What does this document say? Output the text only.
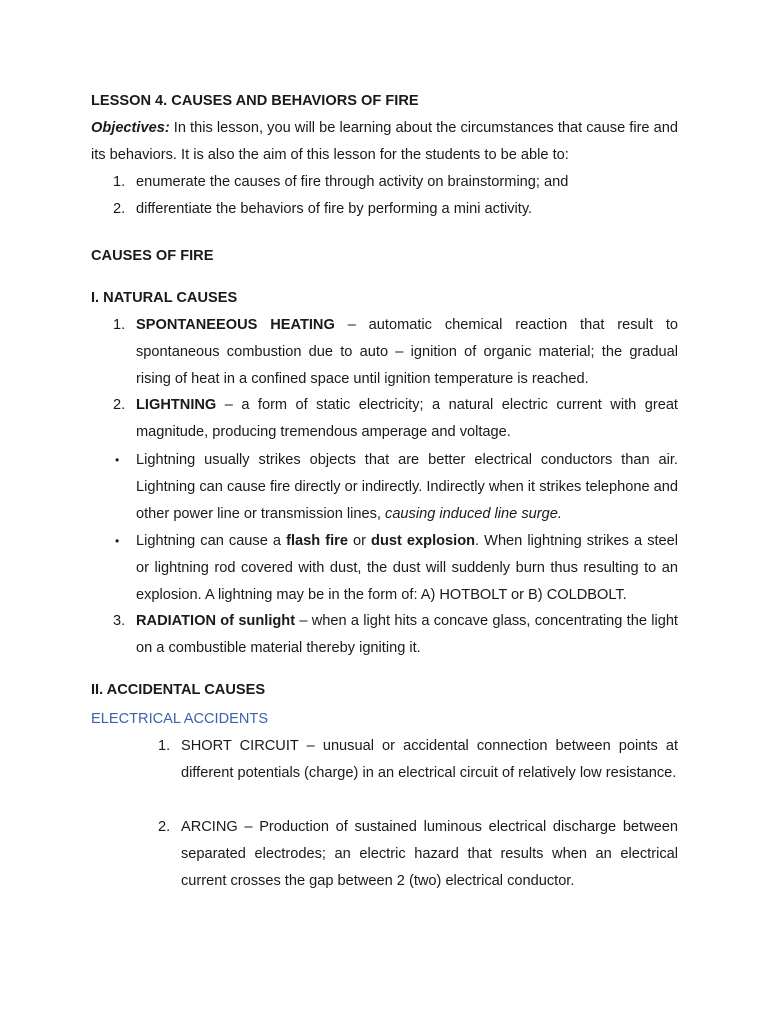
LESSON 4. CAUSES AND BEHAVIORS OF FIRE
Objectives: In this lesson, you will be learning about the circumstances that cause fire and its behaviors. It is also the aim of this lesson for the students to be able to:
1. enumerate the causes of fire through activity on brainstorming; and
2. differentiate the behaviors of fire by performing a mini activity.
CAUSES OF FIRE
I. NATURAL CAUSES
1. SPONTANEEOUS HEATING – automatic chemical reaction that result to spontaneous combustion due to auto – ignition of organic material; the gradual rising of heat in a confined space until ignition temperature is reached.
2. LIGHTNING – a form of static electricity; a natural electric current with great magnitude, producing tremendous amperage and voltage.
• Lightning usually strikes objects that are better electrical conductors than air. Lightning can cause fire directly or indirectly. Indirectly when it strikes telephone and other power line or transmission lines, causing induced line surge.
• Lightning can cause a flash fire or dust explosion. When lightning strikes a steel or lightning rod covered with dust, the dust will suddenly burn thus resulting to an explosion. A lightning may be in the form of: A) HOTBOLT or B) COLDBOLT.
3. RADIATION of sunlight – when a light hits a concave glass, concentrating the light on a combustible material thereby igniting it.
II. ACCIDENTAL CAUSES
ELECTRICAL ACCIDENTS
1. SHORT CIRCUIT – unusual or accidental connection between points at different potentials (charge) in an electrical circuit of relatively low resistance.
2. ARCING – Production of sustained luminous electrical discharge between separated electrodes; an electric hazard that results when an electrical current crosses the gap between 2 (two) electrical conductor.
